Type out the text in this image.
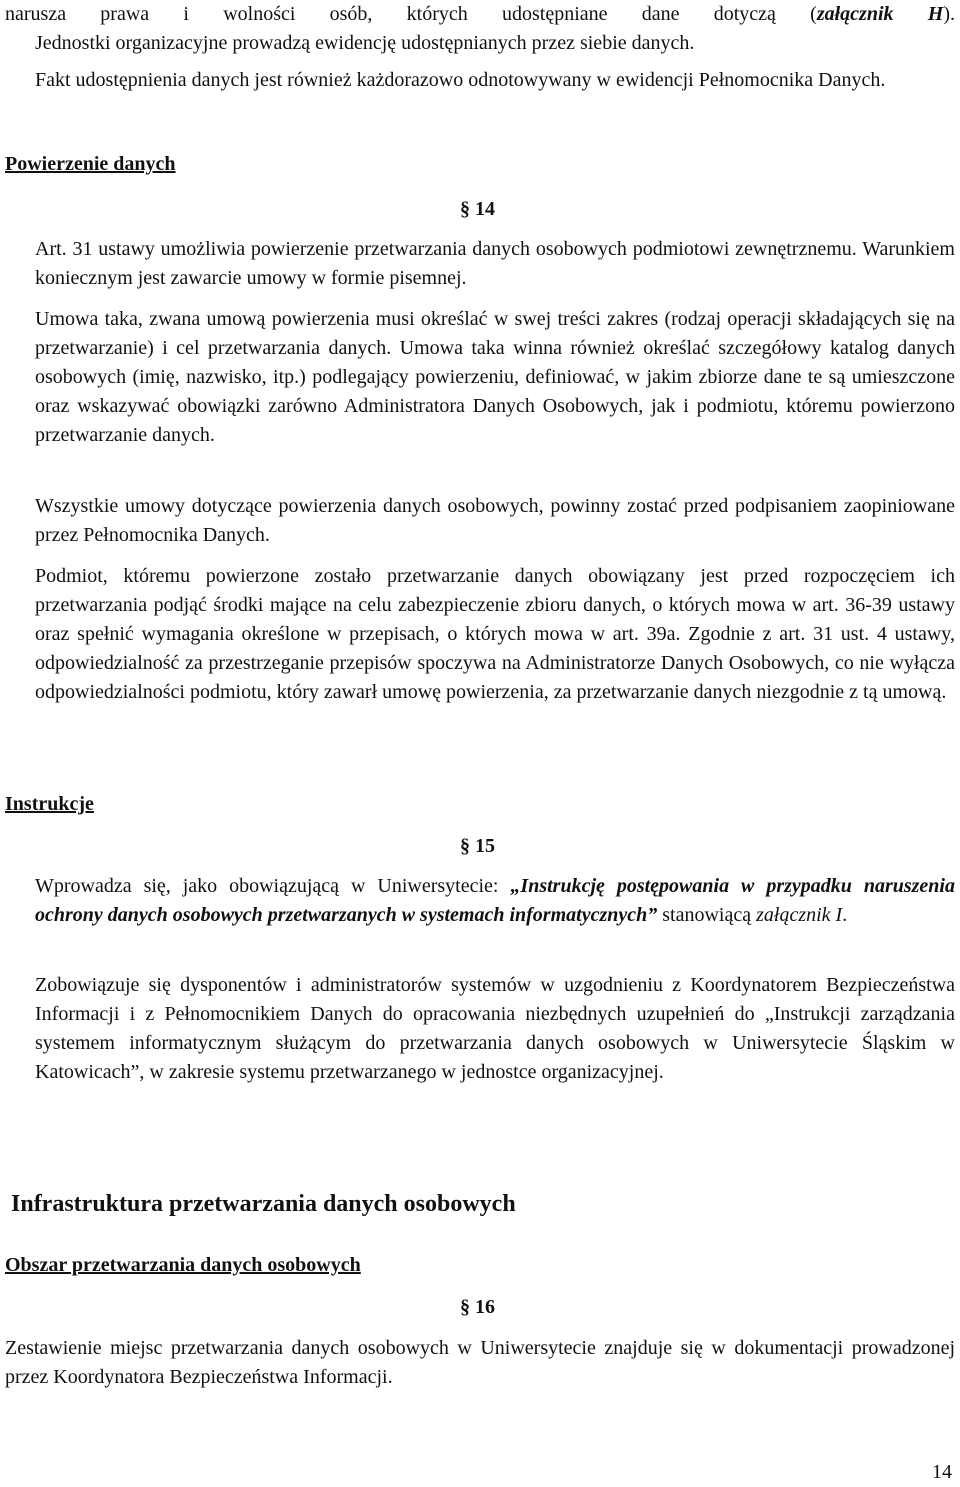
narusza prawa i wolności osób, których udostępniane dane dotyczą (załącznik H).

Jednostki organizacyjne prowadzą ewidencję udostępnianych przez siebie danych.

Fakt udostępnienia danych jest również każdorazowo odnotowywany w ewidencji Pełnomocnika Danych.

Powierzenie danych
§ 14

Art. 31 ustawy umożliwia powierzenie przetwarzania danych osobowych podmiotowi zewnętrznemu. Warunkiem koniecznym jest zawarcie umowy w formie pisemnej.

Umowa taka, zwana umową powierzenia musi określać w swej treści zakres (rodzaj operacji składających się na przetwarzanie) i cel przetwarzania danych. Umowa taka winna również określać szczegółowy katalog danych osobowych (imię, nazwisko, itp.) podlegający powierzeniu, definiować, w jakim zbiorze dane te są umieszczone oraz wskazywać obowiązki zarówno Administratora Danych Osobowych, jak i podmiotu, któremu powierzono przetwarzanie danych.

Wszystkie umowy dotyczące powierzenia danych osobowych, powinny zostać przed podpisaniem zaopiniowane przez Pełnomocnika Danych.

Podmiot, któremu powierzone zostało przetwarzanie danych obowiązany jest przed rozpoczęciem ich przetwarzania podjąć środki mające na celu zabezpieczenie zbioru danych, o których mowa w art. 36-39 ustawy oraz spełnić wymagania określone w przepisach, o których mowa w art. 39a. Zgodnie z art. 31 ust. 4 ustawy, odpowiedzialność za przestrzeganie przepisów spoczywa na Administratorze Danych Osobowych, co nie wyłącza odpowiedzialności podmiotu, który zawarł umowę powierzenia, za przetwarzanie danych niezgodnie z tą umową.

Instrukcje
§ 15

Wprowadza się, jako obowiązującą w Uniwersytecie: „Instrukcję postępowania w przypadku naruszenia ochrony danych osobowych przetwarzanych w systemach informatycznych” stanowiącą załącznik I.

Zobowiązuje się dysponentów i administratorów systemów w uzgodnieniu z Koordynatorem Bezpieczeństwa Informacji i z Pełnomocnikiem Danych do opracowania niezbędnych uzupełnień do „Instrukcji zarządzania systemem informatycznym służącym do przetwarzania danych osobowych w Uniwersytecie Śląskim w Katowicach”, w zakresie systemu przetwarzanego w jednostce organizacyjnej.

Infrastruktura przetwarzania danych osobowych
Obszar przetwarzania danych osobowych
§ 16

Zestawienie miejsc przetwarzania danych osobowych w Uniwersytecie znajduje się w dokumentacji prowadzonej przez Koordynatora Bezpieczeństwa Informacji.

14
